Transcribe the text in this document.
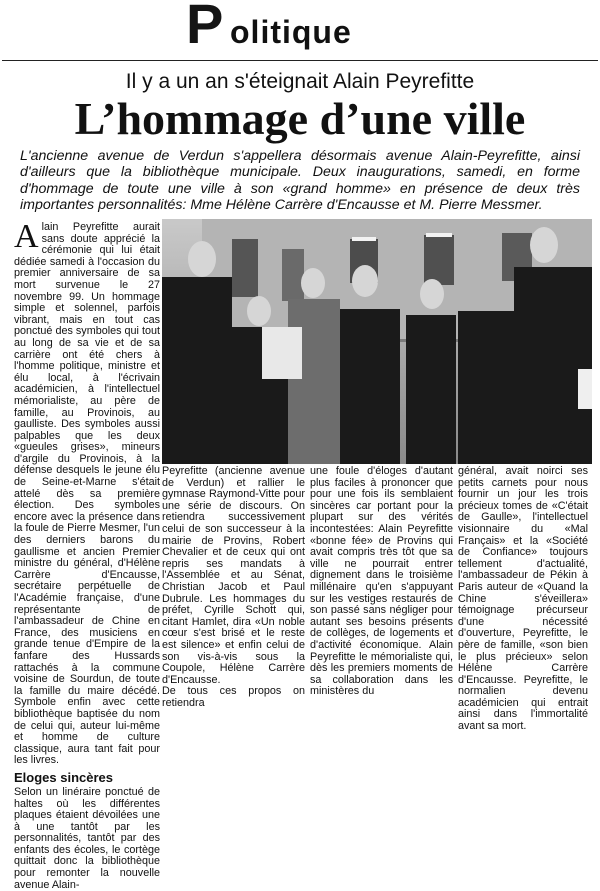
P olitique
Il y a un an s'éteignait Alain Peyrefitte
L’hommage d’une ville
L'ancienne avenue de Verdun s'appellera désormais avenue Alain-Peyrefitte, ainsi d'ailleurs que la bibliothèque municipale. Deux inaugurations, samedi, en forme d'hommage de toute une ville à son «grand homme» en présence de deux très importantes personnalités: Mme Hélène Carrère d'Encausse et M. Pierre Messmer.

Alain Peyrefitte aurait sans doute apprécié la cérémonie qui lui était dédiée samedi à l'occasion du premier anniversaire de sa mort survenue le 27 novembre 99. Un hommage simple et solennel, parfois vibrant, mais en tout cas ponctué des symboles qui tout au long de sa vie et de sa carrière ont été chers à l'homme politique, ministre et élu local, à l'écrivain académicien, à l'intellectuel mémorialiste, au père de famille, au Provinois, au gaulliste. Des symboles aussi palpables que les deux «gueules grises», mineurs d'argile du Provinois, à la défense desquels le jeune élu de Seine-et-Marne s'était attelé dès sa première élection. Des symboles encore avec la présence dans la foule de Pierre Mesmer, l'un des derniers barons du gaullisme et ancien Premier ministre du général, d'Hélène Carrère d'Encausse, secrétaire perpétuelle de l'Académie française, d'une représentante de l'ambassadeur de Chine en France, des musiciens en grande tenue d'Empire de la fanfare des Hussards rattachés à la commune voisine de Sourdun, de toute la famille du maire décédé. Symbole enfin avec cette bibliothèque baptisée du nom de celui qui, auteur lui-même et homme de culture classique, aura tant fait pour les livres.

Eloges sincères

Selon un linéraire ponctué de haltes où les différentes plaques étaient dévoilées une à une tantôt par les personnalités, tantôt par des enfants des écoles, le cortège quittait donc la bibliothèque pour remonter la nouvelle avenue Alain-

Peyrefitte (ancienne avenue de Verdun) et rallier le gymnase Raymond-Vitte pour une série de discours. On retiendra successivement celui de son successeur à la mairie de Provins, Robert Chevalier et de ceux qui ont repris ses mandats à l'Assemblée et au Sénat, Christian Jacob et Paul Dubrule. Les hommages du préfet, Cyrille Schott qui, citant Hamlet, dira «Un noble cœur s'est brisé et le reste est silence» et enfin celui de son vis-à-vis sous la Coupole, Hélène Carrère d'Encausse.

De tous ces propos on retiendra

une foule d'éloges d'autant plus faciles à prononcer que pour une fois ils semblaient sincères car portant pour la plupart sur des vérités incontestées: Alain Peyrefitte «bonne fée» de Provins qui avait compris très tôt que sa ville ne pourrait entrer dignement dans le troisième millénaire qu'en s'appuyant sur les vestiges restaurés de son passé sans négliger pour autant ses besoins présents de collèges, de logements et d'activité économique. Alain Peyrefitte le mémorialiste qui, dès les premiers moments de sa collaboration dans les ministères du

général, avait noirci ses petits carnets pour nous fournir un jour les trois précieux tomes de «C'était de Gaulle», l'intellectuel visionnaire du «Mal Français» et la «Société de Confiance» toujours tellement d'actualité, l'ambassadeur de Pékin à Paris auteur de «Quand la Chine s'éveillera» témoignage précurseur d'une nécessité d'ouverture, Peyrefitte, le père de famille, «son bien le plus précieux» selon Hélène Carrère d'Encausse. Peyrefitte, le normalien devenu académicien qui entrait ainsi dans l'immortalité avant sa mort.
